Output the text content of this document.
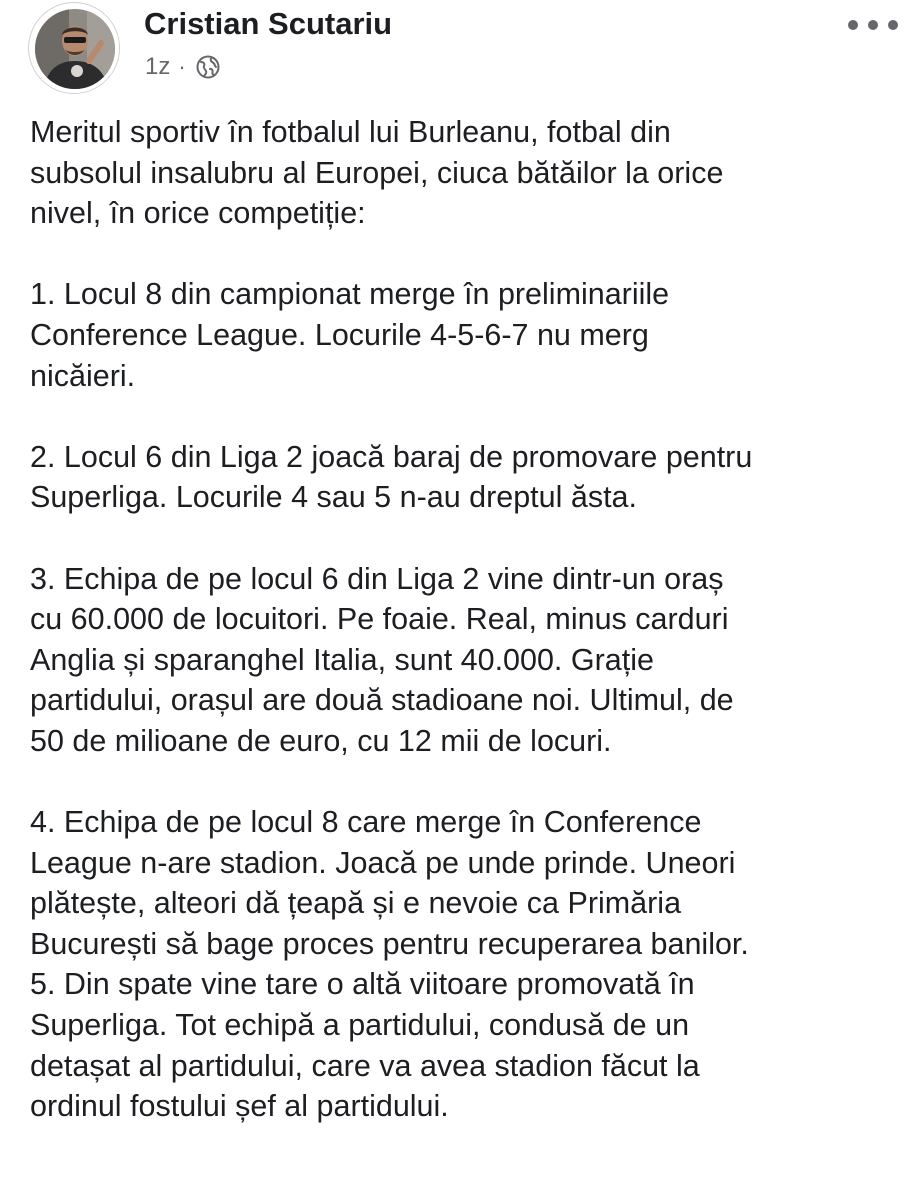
Cristian Scutariu
1z ·

Meritul sportiv în fotbalul lui Burleanu, fotbal din
subsolul insalubru al Europei, ciuca bătăilor la orice
nivel, în orice competiție:

1. Locul 8 din campionat merge în preliminariile
Conference League. Locurile 4-5-6-7 nu merg
nicăieri.

2. Locul 6 din Liga 2 joacă baraj de promovare pentru
Superliga. Locurile 4 sau 5 n-au dreptul ăsta.

3. Echipa de pe locul 6 din Liga 2 vine dintr-un oraș
cu 60.000 de locuitori. Pe foaie. Real, minus carduri
Anglia și sparanghel Italia, sunt 40.000. Grație
partidului, orașul are două stadioane noi. Ultimul, de
50 de milioane de euro, cu 12 mii de locuri.

4. Echipa de pe locul 8 care merge în Conference
League n-are stadion. Joacă pe unde prinde. Uneori
plătește, alteori dă țeapă și e nevoie ca Primăria
București să bage proces pentru recuperarea banilor.

5. Din spate vine tare o altă viitoare promovată în
Superliga. Tot echipă a partidului, condusă de un
detașat al partidului, care va avea stadion făcut la
ordinul fostului șef al partidului.
